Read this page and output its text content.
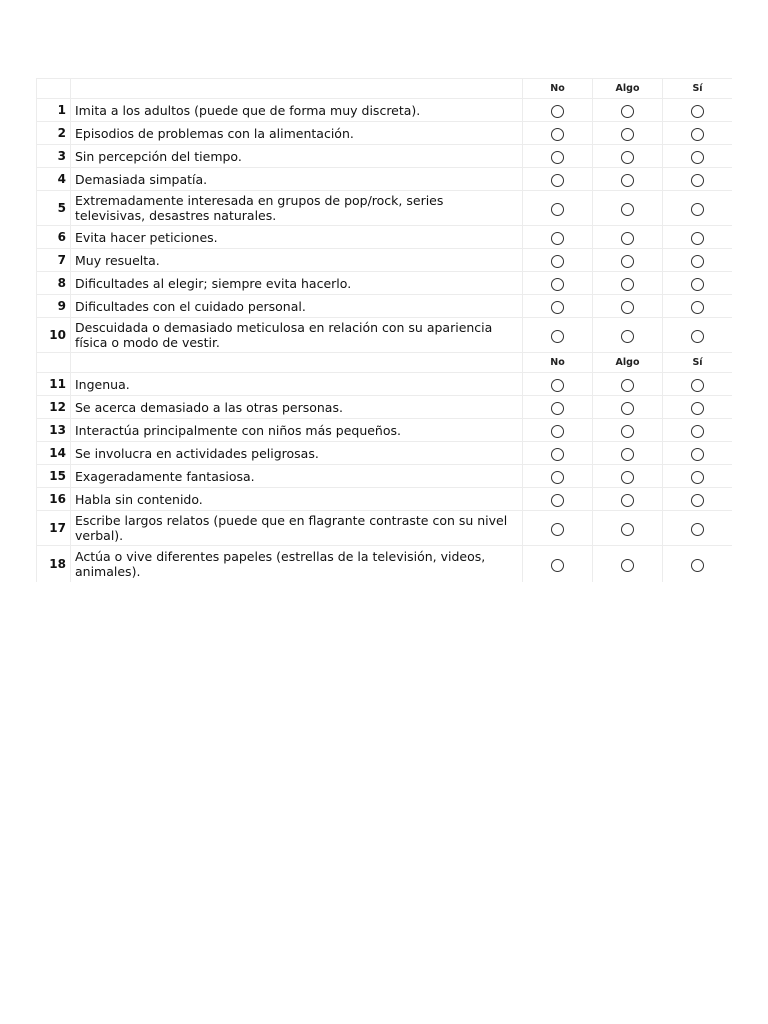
		No	Algo	Sí
1	Imita a los adultos (puede que de forma muy discreta).			
2	Episodios de problemas con la alimentación.			
3	Sin percepción del tiempo.			
4	Demasiada simpatía.			
5	Extremadamente interesada en grupos de pop/rock, series televisivas, desastres naturales.			
6	Evita hacer peticiones.			
7	Muy resuelta.			
8	Dificultades al elegir; siempre evita hacerlo.			
9	Dificultades con el cuidado personal.			
10	Descuidada o demasiado meticulosa en relación con su apariencia física o modo de vestir.			
		No	Algo	Sí
11	Ingenua.			
12	Se acerca demasiado a las otras personas.			
13	Interactúa principalmente con niños más pequeños.			
14	Se involucra en actividades peligrosas.			
15	Exageradamente fantasiosa.			
16	Habla sin contenido.			
17	Escribe largos relatos (puede que en flagrante contraste con su nivel verbal).			
18	Actúa o vive diferentes papeles (estrellas de la televisión, videos, animales).			
